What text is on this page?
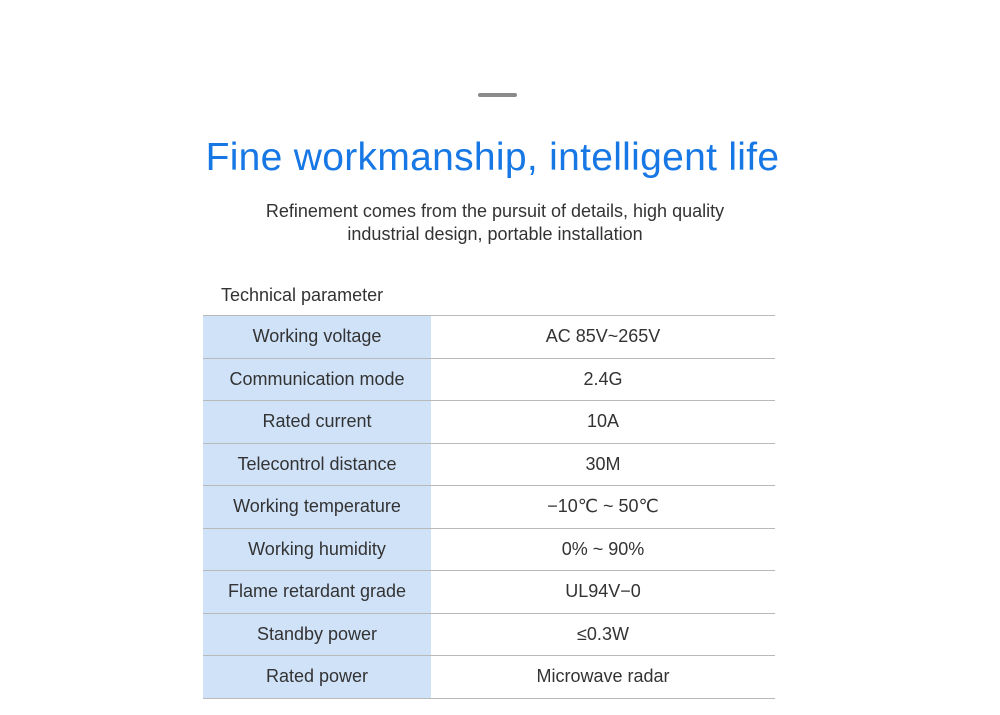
Fine workmanship, intelligent life
Refinement comes from the pursuit of details, high quality
industrial design, portable installation
Technical parameter
Working voltage	AC 85V~265V
Communication mode	2.4G
Rated current	10A
Telecontrol distance	30M
Working temperature	−10℃ ~ 50℃
Working humidity	0% ~ 90%
Flame retardant grade	UL94V−0
Standby power	≤0.3W
Rated power	Microwave radar
